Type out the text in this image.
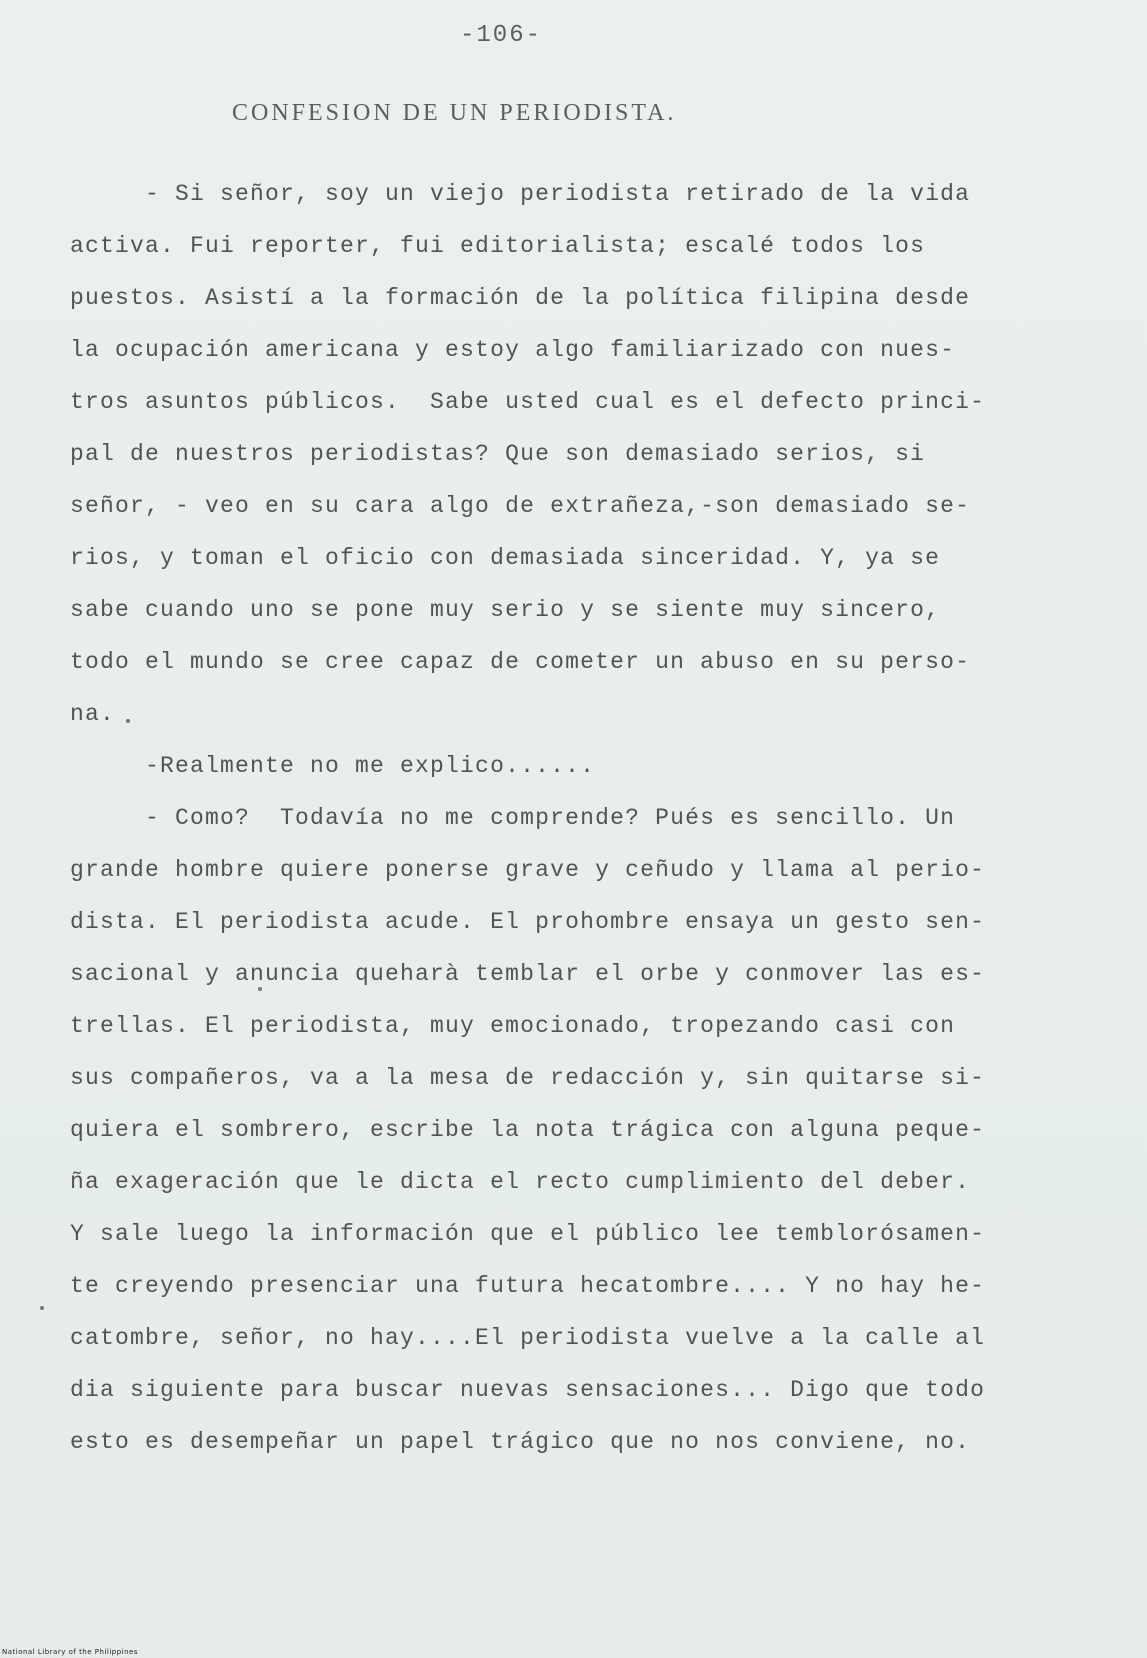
-106-
CONFESION DE UN PERIODISTA.
- Si señor, soy un viejo periodista retirado de la vida
activa. Fui reporter, fui editorialista; escalé todos los
puestos. Asistí a la formación de la política filipina desde
la ocupación americana y estoy algo familiarizado con nues-
tros asuntos públicos.  Sabe usted cual es el defecto princi-
pal de nuestros periodistas? Que son demasiado serios, si
señor, - veo en su cara algo de extrañeza,-son demasiado se-
rios, y toman el oficio con demasiada sinceridad. Y, ya se
sabe cuando uno se pone muy serio y se siente muy sincero,
todo el mundo se cree capaz de cometer un abuso en su perso-
na.
-Realmente no me explico......
- Como?  Todavía no me comprende? Pués es sencillo. Un
grande hombre quiere ponerse grave y ceñudo y llama al perio-
dista. El periodista acude. El prohombre ensaya un gesto sen-
sacional y anuncia queharà temblar el orbe y conmover las es-
trellas. El periodista, muy emocionado, tropezando casi con
sus compañeros, va a la mesa de redacción y, sin quitarse si-
quiera el sombrero, escribe la nota trágica con alguna peque-
ña exageración que le dicta el recto cumplimiento del deber.
Y sale luego la información que el público lee temblorósamen-
te creyendo presenciar una futura hecatombre.... Y no hay he-
catombre, señor, no hay....El periodista vuelve a la calle al
dia siguiente para buscar nuevas sensaciones... Digo que todo
esto es desempeñar un papel trágico que no nos conviene, no.
National Library of the Philippines
